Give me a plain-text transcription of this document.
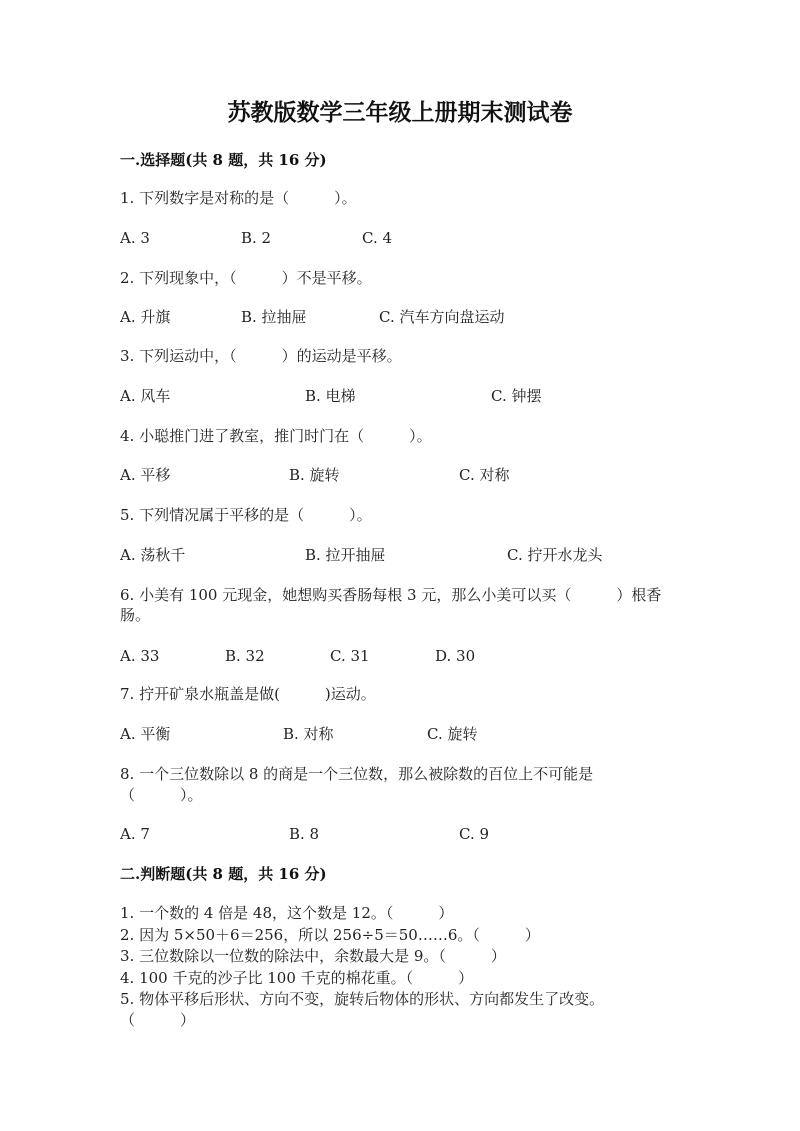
苏教版数学三年级上册期末测试卷
一.选择题(共 8 题，共 16 分)
1. 下列数字是对称的是（　　　）。
A. 3	B. 2	C. 4
2. 下列现象中，（　　　）不是平移。
A. 升旗	B. 拉抽屉	C. 汽车方向盘运动
3. 下列运动中，（　　　）的运动是平移。
A. 风车	B. 电梯	C. 钟摆
4. 小聪推门进了教室，推门时门在（　　　）。
A. 平移	B. 旋转	C. 对称
5. 下列情况属于平移的是（　　　）。
A. 荡秋千	B. 拉开抽屉	C. 拧开水龙头
6. 小美有 100 元现金，她想购买香肠每根 3 元，那么小美可以买（　　　）根香
肠。
A. 33	B. 32	C. 31	D. 30
7. 拧开矿泉水瓶盖是做(　　　)运动。
A. 平衡	B. 对称	C. 旋转
8. 一个三位数除以 8 的商是一个三位数，那么被除数的百位上不可能是
（　　　）。
A. 7	B. 8	C. 9
二.判断题(共 8 题，共 16 分)
1. 一个数的 4 倍是 48，这个数是 12。（　　　）
2. 因为 5×50＋6＝256，所以 256÷5＝50……6。（　　　）
3. 三位数除以一位数的除法中，余数最大是 9。（　　　）
4. 100 千克的沙子比 100 千克的棉花重。（　　　）
5. 物体平移后形状、方向不变，旋转后物体的形状、方向都发生了改变。
（　　　）
